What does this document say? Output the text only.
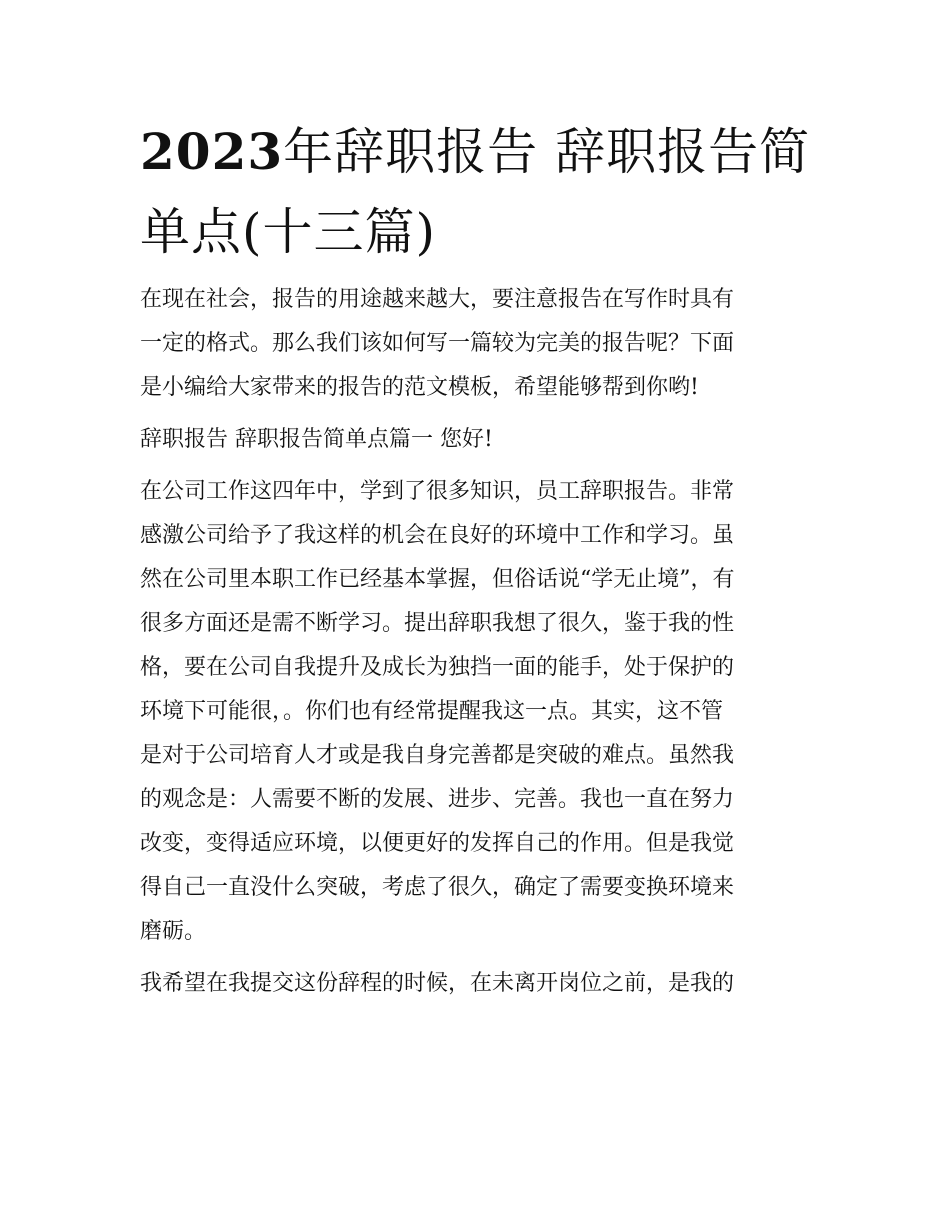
2023年辞职报告 辞职报告简
单点(十三篇)

在现在社会，报告的用途越来越大，要注意报告在写作时具有
一定的格式。那么我们该如何写一篇较为完美的报告呢？下面
是小编给大家带来的报告的范文模板，希望能够帮到你哟!

辞职报告 辞职报告简单点篇一 您好!

在公司工作这四年中，学到了很多知识，员工辞职报告。非常
感激公司给予了我这样的机会在良好的环境中工作和学习。虽
然在公司里本职工作已经基本掌握，但俗话说“学无止境”，有
很多方面还是需不断学习。提出辞职我想了很久，鉴于我的性
格，要在公司自我提升及成长为独挡一面的能手，处于保护的
环境下可能很，。你们也有经常提醒我这一点。其实，这不管
是对于公司培育人才或是我自身完善都是突破的难点。虽然我
的观念是：人需要不断的发展、进步、完善。我也一直在努力
改变，变得适应环境，以便更好的发挥自己的作用。但是我觉
得自己一直没什么突破，考虑了很久，确定了需要变换环境来
磨砺。

我希望在我提交这份辞程的时候，在未离开岗位之前，是我的
